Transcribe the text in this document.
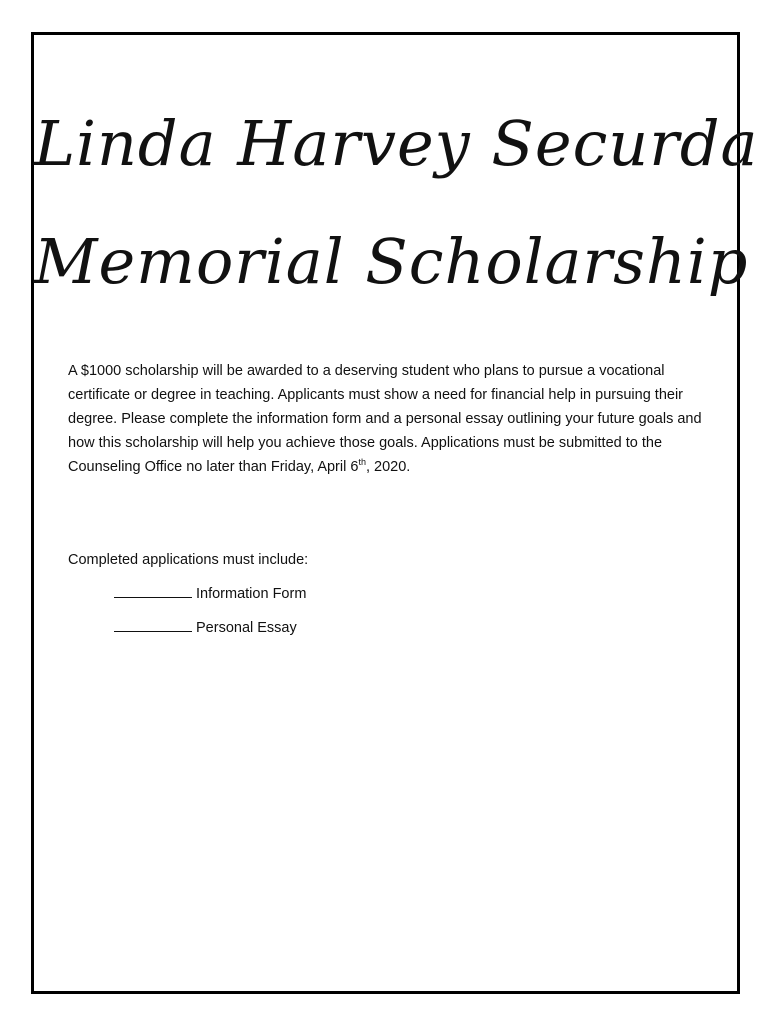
Linda Harvey Securda
Memorial Scholarship
A $1000 scholarship will be awarded to a deserving student who plans to pursue a vocational certificate or degree in teaching. Applicants must show a need for financial help in pursuing their degree. Please complete the information form and a personal essay outlining your future goals and how this scholarship will help you achieve those goals. Applications must be submitted to the Counseling Office no later than Friday, April 6th, 2020.
Completed applications must include:
Information Form
Personal Essay
